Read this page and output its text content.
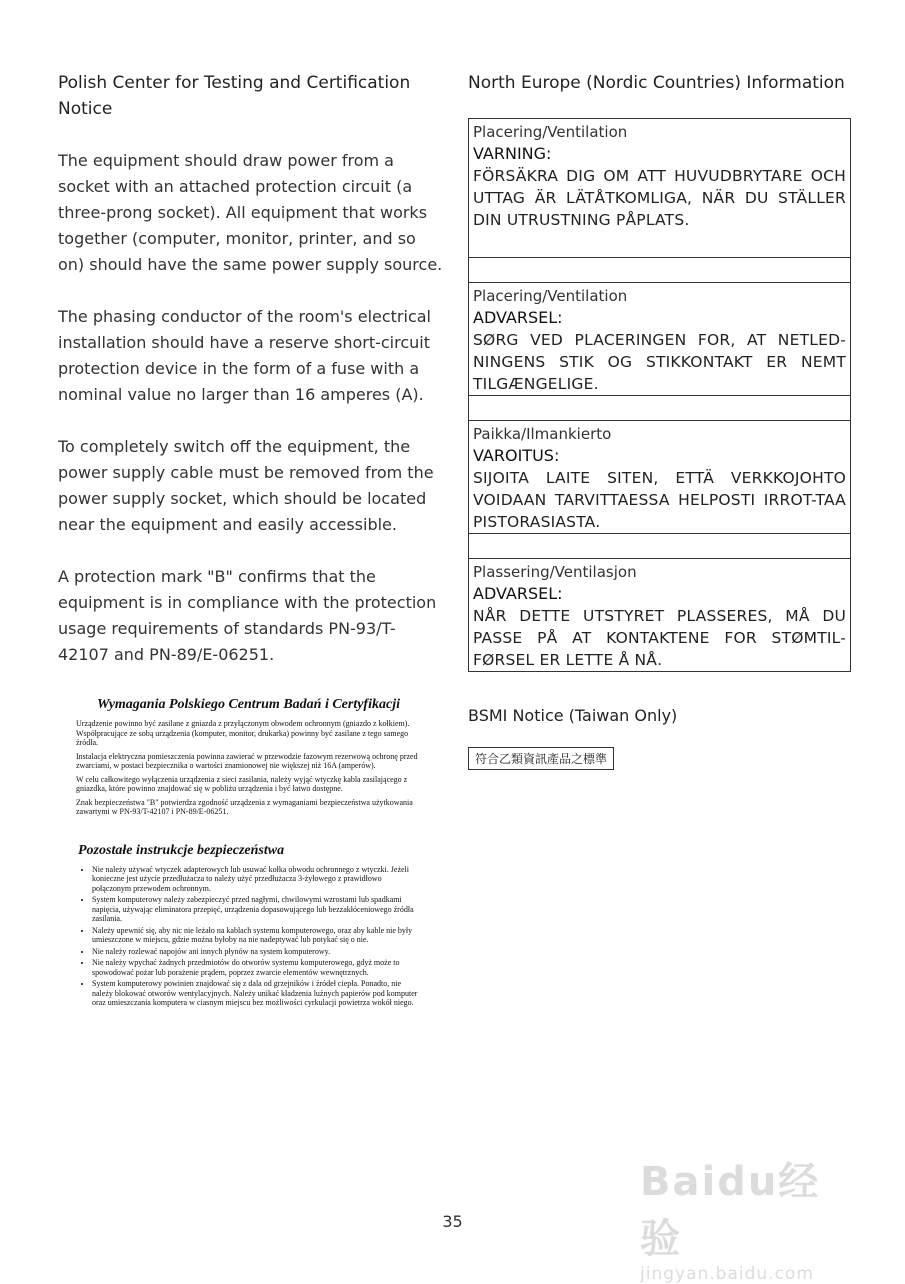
Polish Center for Testing and Certification Notice

The equipment should draw power from a socket with an attached protection circuit (a three-prong socket). All equipment that works together (computer, monitor, printer, and so on) should have the same power supply source.

The phasing conductor of the room's electrical installation should have a reserve short-circuit protection device in the form of a fuse with a nominal value no larger than 16 amperes (A).

To completely switch off the equipment, the power supply cable must be removed from the power supply socket, which should be located near the equipment and easily accessible.

A protection mark "B" confirms that the equipment is in compliance with the protection usage requirements of standards PN-93/T-42107 and PN-89/E-06251.

Wymagania Polskiego Centrum Badań i Certyfikacji

Urządzenie powinno być zasilane z gniazda z przyłączonym obwodem ochronnym (gniazdo z kołkiem). Współpracujące ze sobą urządzenia (komputer, monitor, drukarka) powinny być zasilane z tego samego źródła.

Instalacja elektryczna pomieszczenia powinna zawierać w przewodzie fazowym rezerwową ochronę przed zwarciami, w postaci bezpiecznika o wartości znamionowej nie większej niż 16A (amperów).

W celu całkowitego wyłączenia urządzenia z sieci zasilania, należy wyjąć wtyczkę kabla zasilającego z gniazdka, które powinno znajdować się w pobliżu urządzenia i być łatwo dostępne.

Znak bezpieczeństwa "B" potwierdza zgodność urządzenia z wymaganiami bezpieczeństwa użytkowania zawartymi w PN-93/T-42107 i PN-89/E-06251.

Pozostałe instrukcje bezpieczeństwa
• Nie należy używać wtyczek adapterowych lub usuwać kołka obwodu ochronnego z wtyczki. Jeżeli konieczne jest użycie przedłużacza to należy użyć przedłużacza 3-żyłowego z prawidłowo połączonym przewodem ochronnym.
• System komputerowy należy zabezpieczyć przed nagłymi, chwilowymi wzrostami lub spadkami napięcia, używając eliminatora przepięć, urządzenia dopasowującego lub bezzakłóceniowego źródła zasilania.
• Należy upewnić się, aby nic nie leżało na kablach systemu komputerowego, oraz aby kable nie były umieszczone w miejscu, gdzie można byłoby na nie nadeptywać lub potykać się o nie.
• Nie należy rozlewać napojów ani innych płynów na system komputerowy.
• Nie należy wpychać żadnych przedmiotów do otworów systemu komputerowego, gdyż może to spowodować pożar lub porażenie prądem, poprzez zwarcie elementów wewnętrznych.
• System komputerowy powinien znajdować się z dala od grzejników i źródeł ciepła. Ponadto, nie należy blokować otworów wentylacyjnych. Należy unikać kładzenia luźnych papierów pod komputer oraz umieszczania komputera w ciasnym miejscu bez możliwości cyrkulacji powietrza wokół niego.
North Europe (Nordic Countries) Information
Placering/Ventilation
VARNING:
FÖRSÄKRA DIG OM ATT HUVUDBRYTARE OCH UTTAG ÄR LÄTÅTKOMLIGA, NÄR DU STÄLLER DIN UTRUSTNING PÅPLATS.
Placering/Ventilation
ADVARSEL:
SØRG VED PLACERINGEN FOR, AT NETLED-NINGENS STIK OG STIKKONTAKT ER NEMT TILGÆNGELIGE.
Paikka/Ilmankierto
VAROITUS:
SIJOITA LAITE SITEN, ETTÄ VERKKOJOHTO VOIDAAN TARVITTAESSA HELPOSTI IRROT-TAA PISTORASIASTA.
Plassering/Ventilasjon
ADVARSEL:
NÅR DETTE UTSTYRET PLASSERES, MÅ DU PASSE PÅ AT KONTAKTENE FOR STØMTIL-FØRSEL ER LETTE Å NÅ.
BSMI Notice (Taiwan Only)
符合乙類資訊產品之標準
Baidu经验
jingyan.baidu.com
35
